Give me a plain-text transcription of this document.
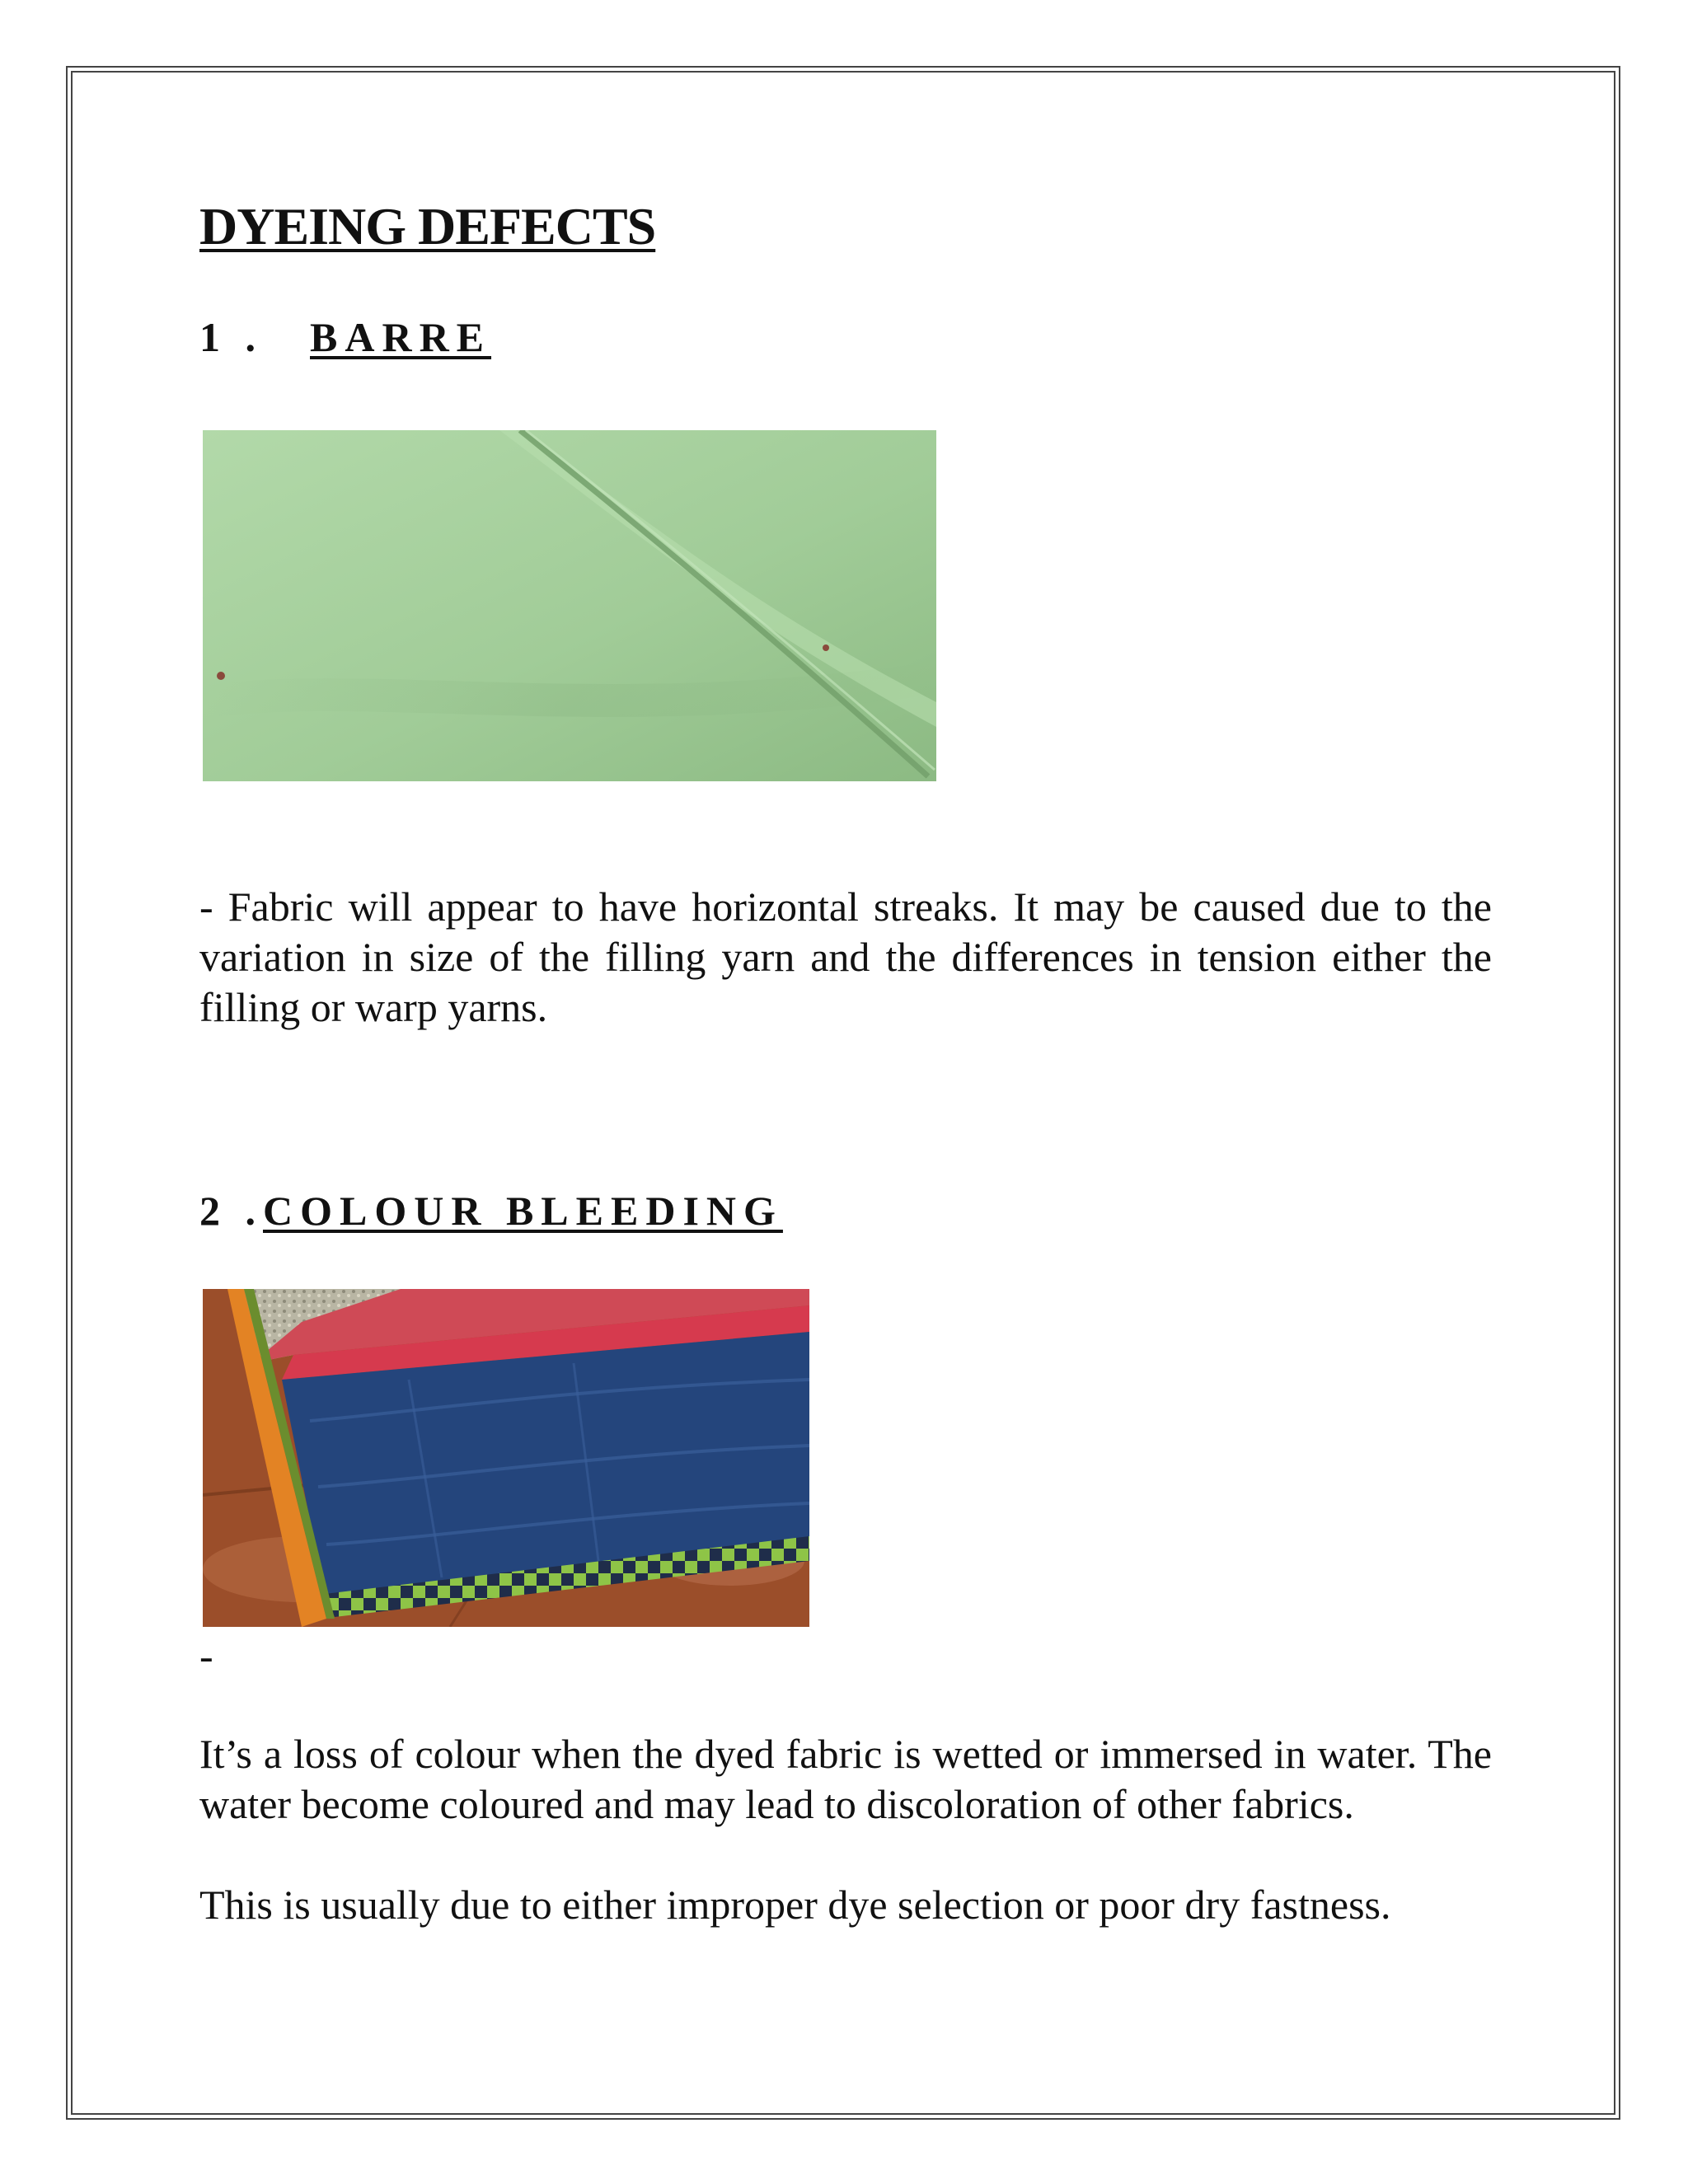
DYEING DEFECTS
1 . BARRE

- Fabric will appear to have horizontal streaks. It may be caused due to the variation in size of the filling yarn and the differences in tension either the filling or warp yarns.

2 .COLOUR BLEEDING

-

It’s a loss of colour when the dyed fabric is wetted or immersed in water. The water become coloured and may lead to discoloration of other fabrics.

This is usually due to either improper dye selection or poor dry fastness.
